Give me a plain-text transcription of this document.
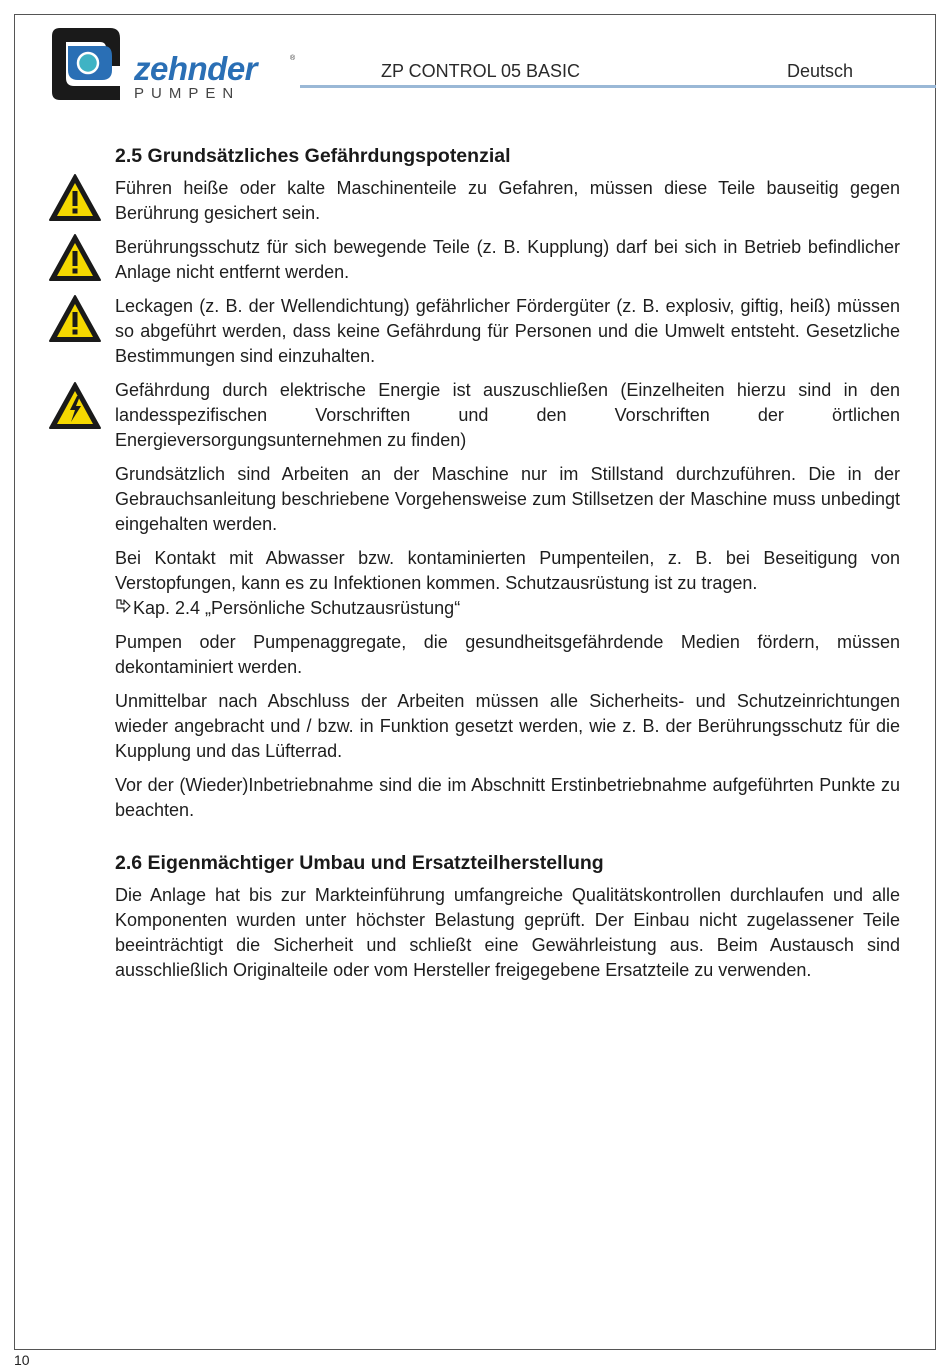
zehnder	®
PUMPEN
ZP CONTROL 05 BASIC	Deutsch
2.5 Grundsätzliches Gefährdungspotenzial

Führen heiße oder kalte Maschinenteile zu Gefahren, müssen diese Teile bauseitig gegen Berührung gesichert sein.

Berührungsschutz für sich bewegende Teile (z. B. Kupplung) darf bei sich in Betrieb befindlicher Anlage nicht entfernt werden.

Leckagen (z. B. der Wellendichtung) gefährlicher Fördergüter (z. B. explosiv, giftig, heiß) müssen so abgeführt werden, dass keine Gefährdung für Personen und die Umwelt entsteht. Gesetzliche Bestimmungen sind einzuhalten.

Gefährdung durch elektrische Energie ist auszuschließen (Einzelheiten hierzu sind in den landesspezifischen Vorschriften und den Vorschriften der örtlichen Energieversorgungsunternehmen zu finden)

Grundsätzlich sind Arbeiten an der Maschine nur im Stillstand durchzuführen. Die in der Gebrauchsanleitung beschriebene Vorgehensweise zum Stillsetzen der Maschine muss unbedingt eingehalten werden.

Bei Kontakt mit Abwasser bzw. kontaminierten Pumpenteilen, z. B. bei Beseitigung von Verstopfungen, kann es zu Infektionen kommen. Schutzausrüstung ist zu tragen.
Kap. 2.4 „Persönliche Schutzausrüstung“

Pumpen oder Pumpenaggregate, die gesundheitsgefährdende Medien fördern, müssen dekontaminiert werden.

Unmittelbar nach Abschluss der Arbeiten müssen alle Sicherheits- und Schutzeinrichtungen wieder angebracht und / bzw. in Funktion gesetzt werden, wie z. B. der Berührungsschutz für die Kupplung und das Lüfterrad.

Vor der (Wieder)Inbetriebnahme sind die im Abschnitt Erstinbetriebnahme aufgeführten Punkte zu beachten.

2.6 Eigenmächtiger Umbau und Ersatzteilherstellung

Die Anlage hat bis zur Markteinführung umfangreiche Qualitätskontrollen durchlaufen und alle Komponenten wurden unter höchster Belastung geprüft. Der Einbau nicht zugelassener Teile beeinträchtigt die Sicherheit und schließt eine Gewährleistung aus. Beim Austausch sind ausschließlich Originalteile oder vom Hersteller freigegebene Ersatzteile zu verwenden.

10
